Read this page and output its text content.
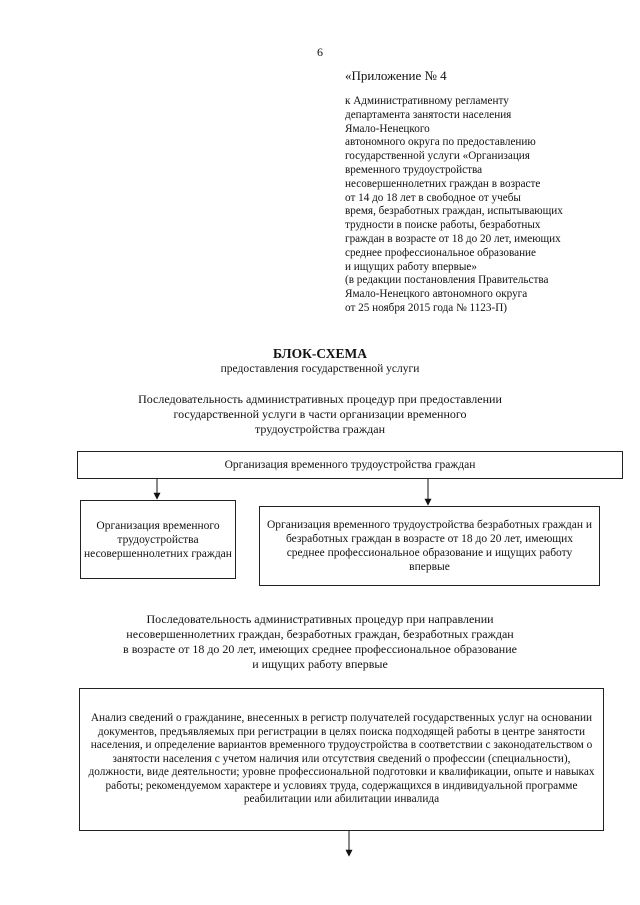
6
«Приложение № 4
к Административному регламенту
департамента занятости населения
Ямало-Ненецкого
автономного округа по предоставлению
государственной услуги «Организация
временного трудоустройства
несовершеннолетних граждан в возрасте
от 14 до 18 лет в свободное от учебы
время, безработных граждан, испытывающих
трудности в поиске работы, безработных
граждан в возрасте от 18 до 20 лет, имеющих
среднее профессиональное образование
и ищущих работу впервые»
(в редакции постановления Правительства
Ямало-Ненецкого автономного округа
от 25 ноября 2015 года № 1123-П)
БЛОК-СХЕМА
предоставления государственной услуги
Последовательность административных процедур при предоставлении
государственной услуги в части организации временного
трудоустройства граждан
Организация временного трудоустройства граждан
Организация временного трудоустройства несовершеннолетних граждан
Организация временного трудоустройства безработных граждан и безработных граждан в возрасте от 18 до 20 лет, имеющих среднее профессиональное образование и ищущих работу впервые
Последовательность административных процедур при направлении
несовершеннолетних граждан, безработных граждан, безработных граждан
в возрасте от 18 до 20 лет, имеющих среднее профессиональное образование
и ищущих работу впервые
Анализ сведений о гражданине, внесенных в регистр получателей государственных услуг на основании документов, предъявляемых при регистрации в целях поиска подходящей работы в центре занятости населения, и определение вариантов временного трудоустройства в соответствии с законодательством о занятости населения с учетом наличия или отсутствия сведений о профессии (специальности), должности, виде деятельности; уровне профессиональной подготовки и квалификации, опыте и навыках работы; рекомендуемом характере и условиях труда, содержащихся в индивидуальной программе реабилитации или абилитации инвалида
